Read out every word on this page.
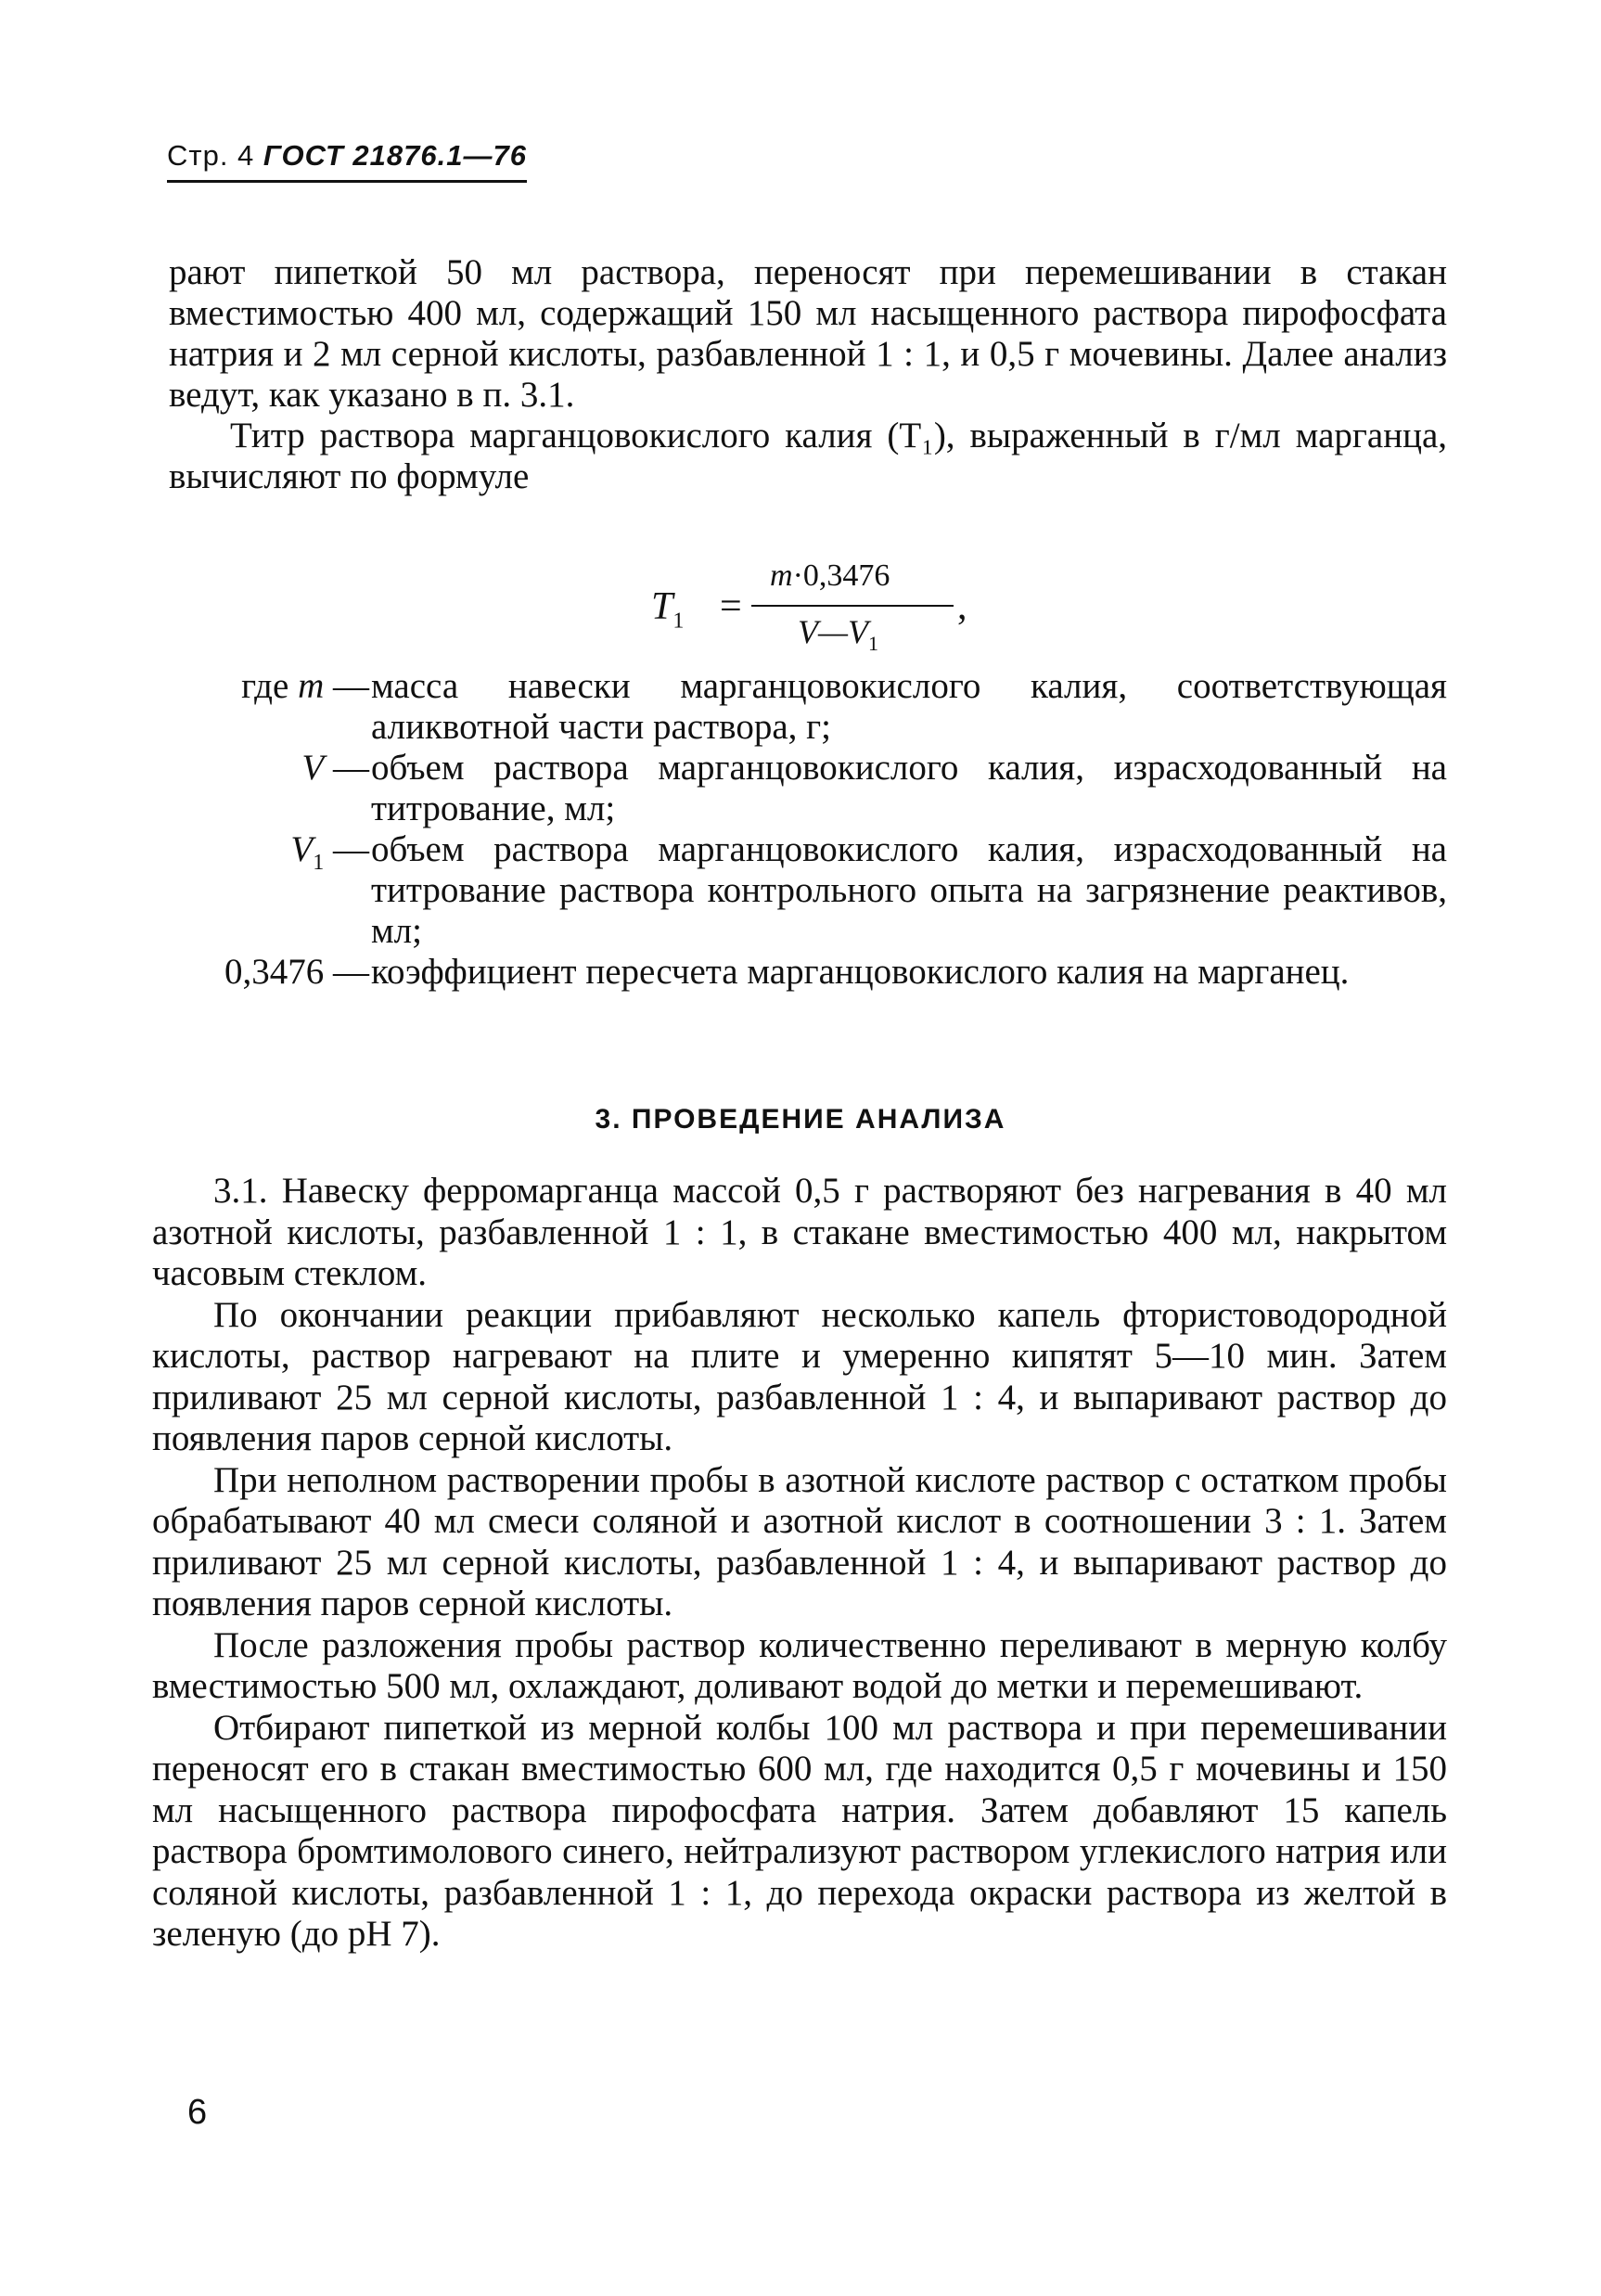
Стр. 4 ГОСТ 21876.1—76

рают пипеткой 50 мл раствора, переносят при перемешивании в стакан вместимостью 400 мл, содержащий 150 мл насыщенного раствора пирофосфата натрия и 2 мл серной кислоты, разбавленной 1 : 1, и 0,5 г мочевины. Далее анализ ведут, как указано в п. 3.1.

Титр раствора марганцовокислого калия (T₁), выраженный в г/мл марганца, вычисляют по формуле

$T_1$ =
m·0,3476
$V—V_1$
,
где m — масса навески марганцовокислого калия, соответствующая аликвотной части раствора, г;
V — объем раствора марганцовокислого калия, израсходованный на титрование, мл;
$V_1$ — объем раствора марганцовокислого калия, израсходованный на титрование раствора контрольного опыта на загрязнение реактивов, мл;
0,3476 — коэффициент пересчета марганцовокислого калия на марганец.
3. ПРОВЕДЕНИЕ АНАЛИЗА

3.1. Навеску ферромарганца массой 0,5 г растворяют без нагревания в 40 мл азотной кислоты, разбавленной 1 : 1, в стакане вместимостью 400 мл, накрытом часовым стеклом.

По окончании реакции прибавляют несколько капель фтористоводородной кислоты, раствор нагревают на плите и умеренно кипятят 5—10 мин. Затем приливают 25 мл серной кислоты, разбавленной 1 : 4, и выпаривают раствор до появления паров серной кислоты.

При неполном растворении пробы в азотной кислоте раствор с остатком пробы обрабатывают 40 мл смеси соляной и азотной кислот в соотношении 3 : 1. Затем приливают 25 мл серной кислоты, разбавленной 1 : 4, и выпаривают раствор до появления паров серной кислоты.

После разложения пробы раствор количественно переливают в мерную колбу вместимостью 500 мл, охлаждают, доливают водой до метки и перемешивают.

Отбирают пипеткой из мерной колбы 100 мл раствора и при перемешивании переносят его в стакан вместимостью 600 мл, где находится 0,5 г мочевины и 150 мл насыщенного раствора пирофосфата натрия. Затем добавляют 15 капель раствора бромтимолового синего, нейтрализуют раствором углекислого натрия или соляной кислоты, разбавленной 1 : 1, до перехода окраски раствора из желтой в зеленую (до pH 7).

6
